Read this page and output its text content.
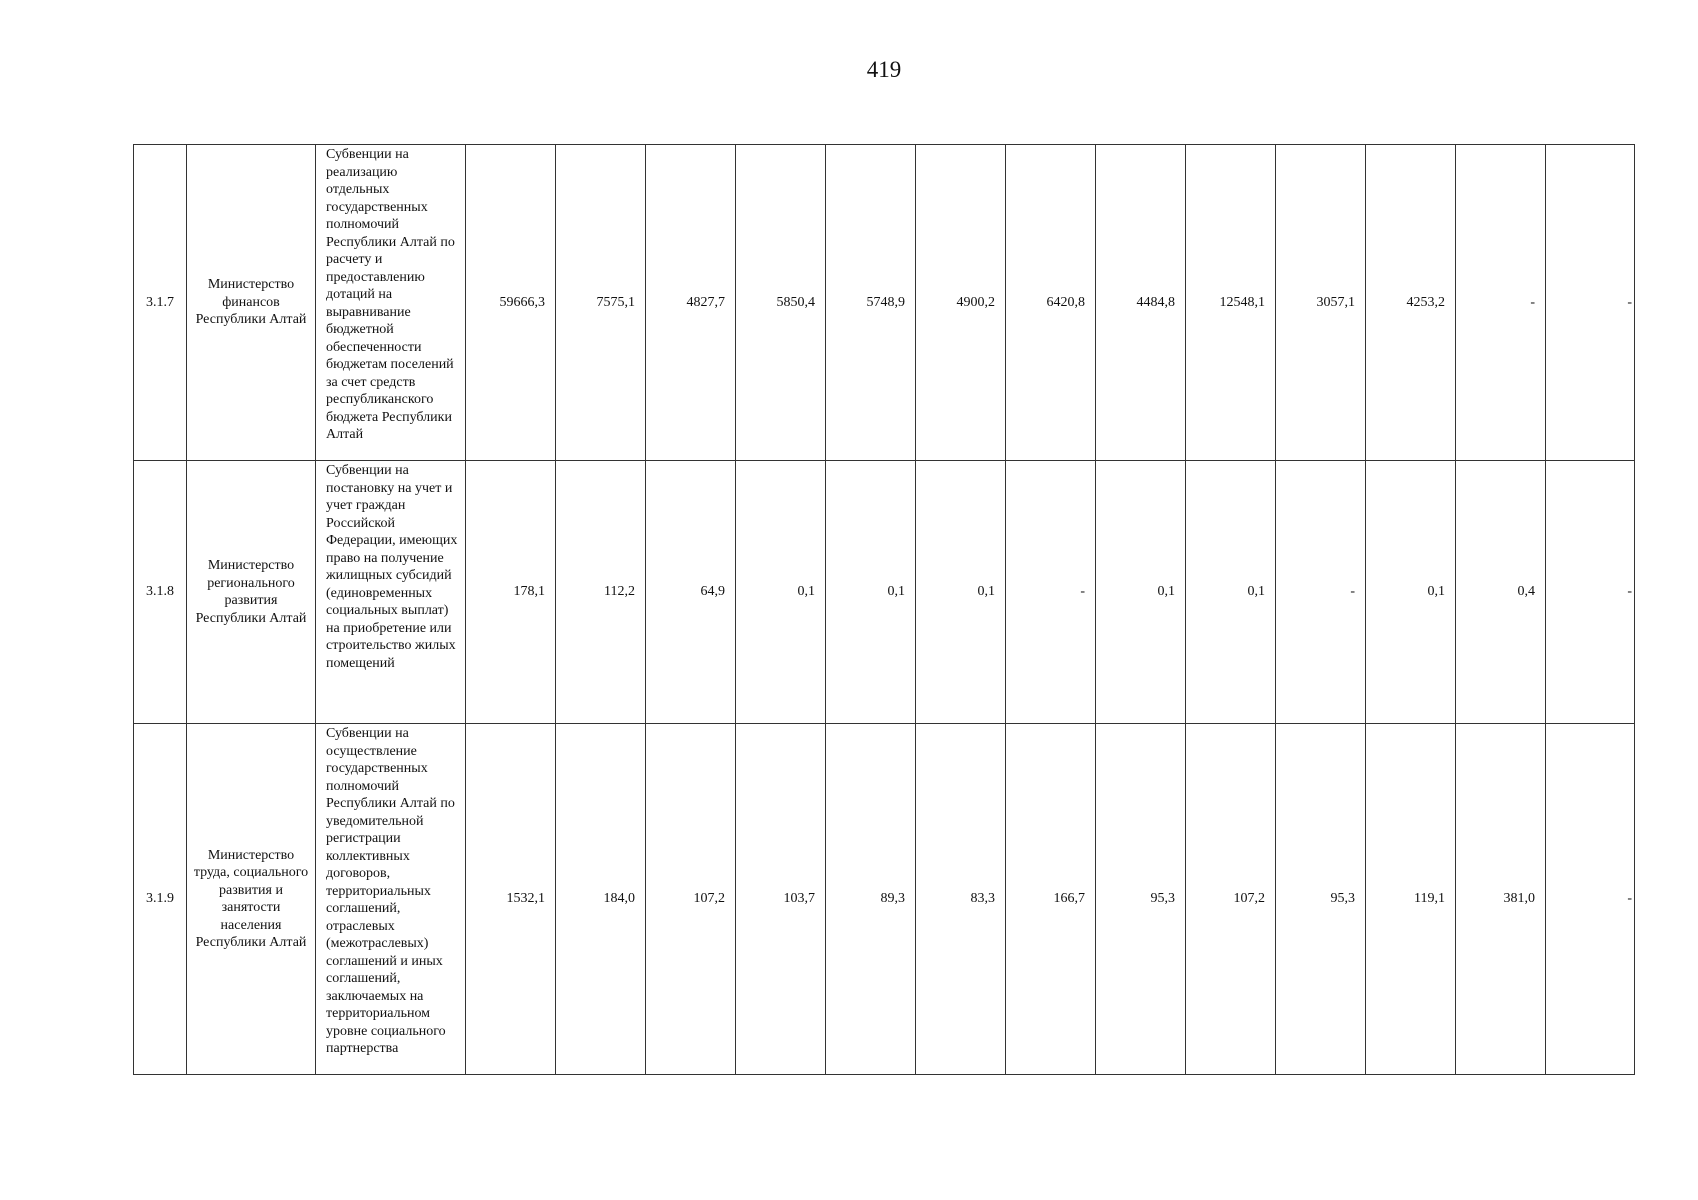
419
3.1.7	Министерство финансов Республики Алтай	Субвенции на реализацию отдельных государственных полномочий Республики Алтай по расчету и предоставлению дотаций на выравнивание бюджетной обеспеченности бюджетам поселений за счет средств республиканского бюджета Республики Алтай	59666,3	7575,1	4827,7	5850,4	5748,9	4900,2	6420,8	4484,8	12548,1	3057,1	4253,2	-	-
3.1.8	Министерство регионального развития Республики Алтай	Субвенции на постановку на учет и учет граждан Российской Федерации, имеющих право на получение жилищных субсидий (единовременных социальных выплат) на приобретение или строительство жилых помещений	178,1	112,2	64,9	0,1	0,1	0,1	-	0,1	0,1	-	0,1	0,4	-
3.1.9	Министерство труда, социального развития и занятости населения Республики Алтай	Субвенции на осуществление государственных полномочий Республики Алтай по уведомительной регистрации коллективных договоров, территориальных соглашений, отраслевых (межотраслевых) соглашений и иных соглашений, заключаемых на территориальном уровне социального партнерства	1532,1	184,0	107,2	103,7	89,3	83,3	166,7	95,3	107,2	95,3	119,1	381,0	-
